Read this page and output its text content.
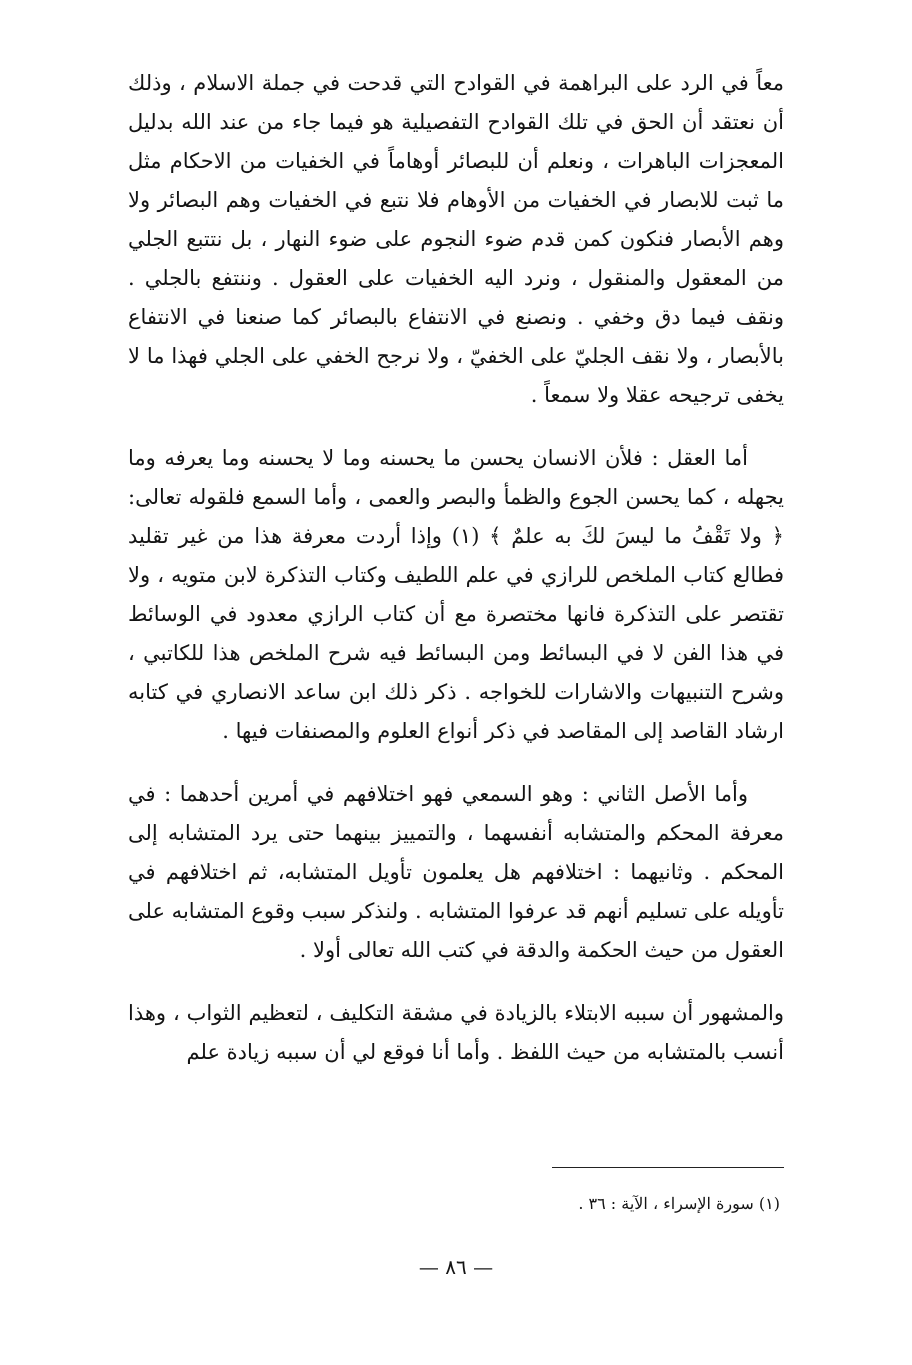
معاً في الرد على البراهمة في القوادح التي قدحت في جملة الاسلام ، وذلك أن نعتقد أن الحق في تلك القوادح التفصيلية هو فيما جاء من عند الله بدليل المعجزات الباهرات ، ونعلم أن للبصائر أوهاماً في الخفيات من الاحكام مثل ما ثبت للابصار في الخفيات من الأوهام فلا نتبع في الخفيات وهم البصائر ولا وهم الأبصار فنكون كمن قدم ضوء النجوم على ضوء النهار ، بل نتتبع الجلي من المعقول والمنقول ، ونرد اليه الخفيات على العقول . وننتفع بالجلي . ونقف فيما دق وخفي . ونصنع في الانتفاع بالبصائر كما صنعنا في الانتفاع بالأبصار ، ولا نقف الجليّ على الخفيّ ، ولا نرجح الخفي على الجلي فهذا ما لا يخفى ترجيحه عقلا ولا سمعاً .

أما العقل : فلأن الانسان يحسن ما يحسنه وما لا يحسنه وما يعرفه وما يجهله ، كما يحسن الجوع والظمأ والبصر والعمى ، وأما السمع فلقوله تعالى: ﴿ ولا تَقْفُ ما ليسَ لكَ به علمٌ ﴾ (١) وإذا أردت معرفة هذا من غير تقليد فطالع كتاب الملخص للرازي في علم اللطيف وكتاب التذكرة لابن متويه ، ولا تقتصر على التذكرة فانها مختصرة مع أن كتاب الرازي معدود في الوسائط في هذا الفن لا في البسائط ومن البسائط فيه شرح الملخص هذا للكاتبي ، وشرح التنبيهات والاشارات للخواجه . ذكر ذلك ابن ساعد الانصاري في كتابه ارشاد القاصد إلى المقاصد في ذكر أنواع العلوم والمصنفات فيها .

وأما الأصل الثاني : وهو السمعي فهو اختلافهم في أمرين أحدهما : في معرفة المحكم والمتشابه أنفسهما ، والتمييز بينهما حتى يرد المتشابه إلى المحكم . وثانيهما : اختلافهم هل يعلمون تأويل المتشابه، ثم اختلافهم في تأويله على تسليم أنهم قد عرفوا المتشابه . ولنذكر سبب وقوع المتشابه على العقول من حيث الحكمة والدقة في كتب الله تعالى أولا .

والمشهور أن سببه الابتلاء بالزيادة في مشقة التكليف ، لتعظيم الثواب ، وهذا أنسب بالمتشابه من حيث اللفظ . وأما أنا فوقع لي أن سببه زيادة علم

(١) سورة الإسراء ، الآية : ٣٦ .

— ٨٦ —
